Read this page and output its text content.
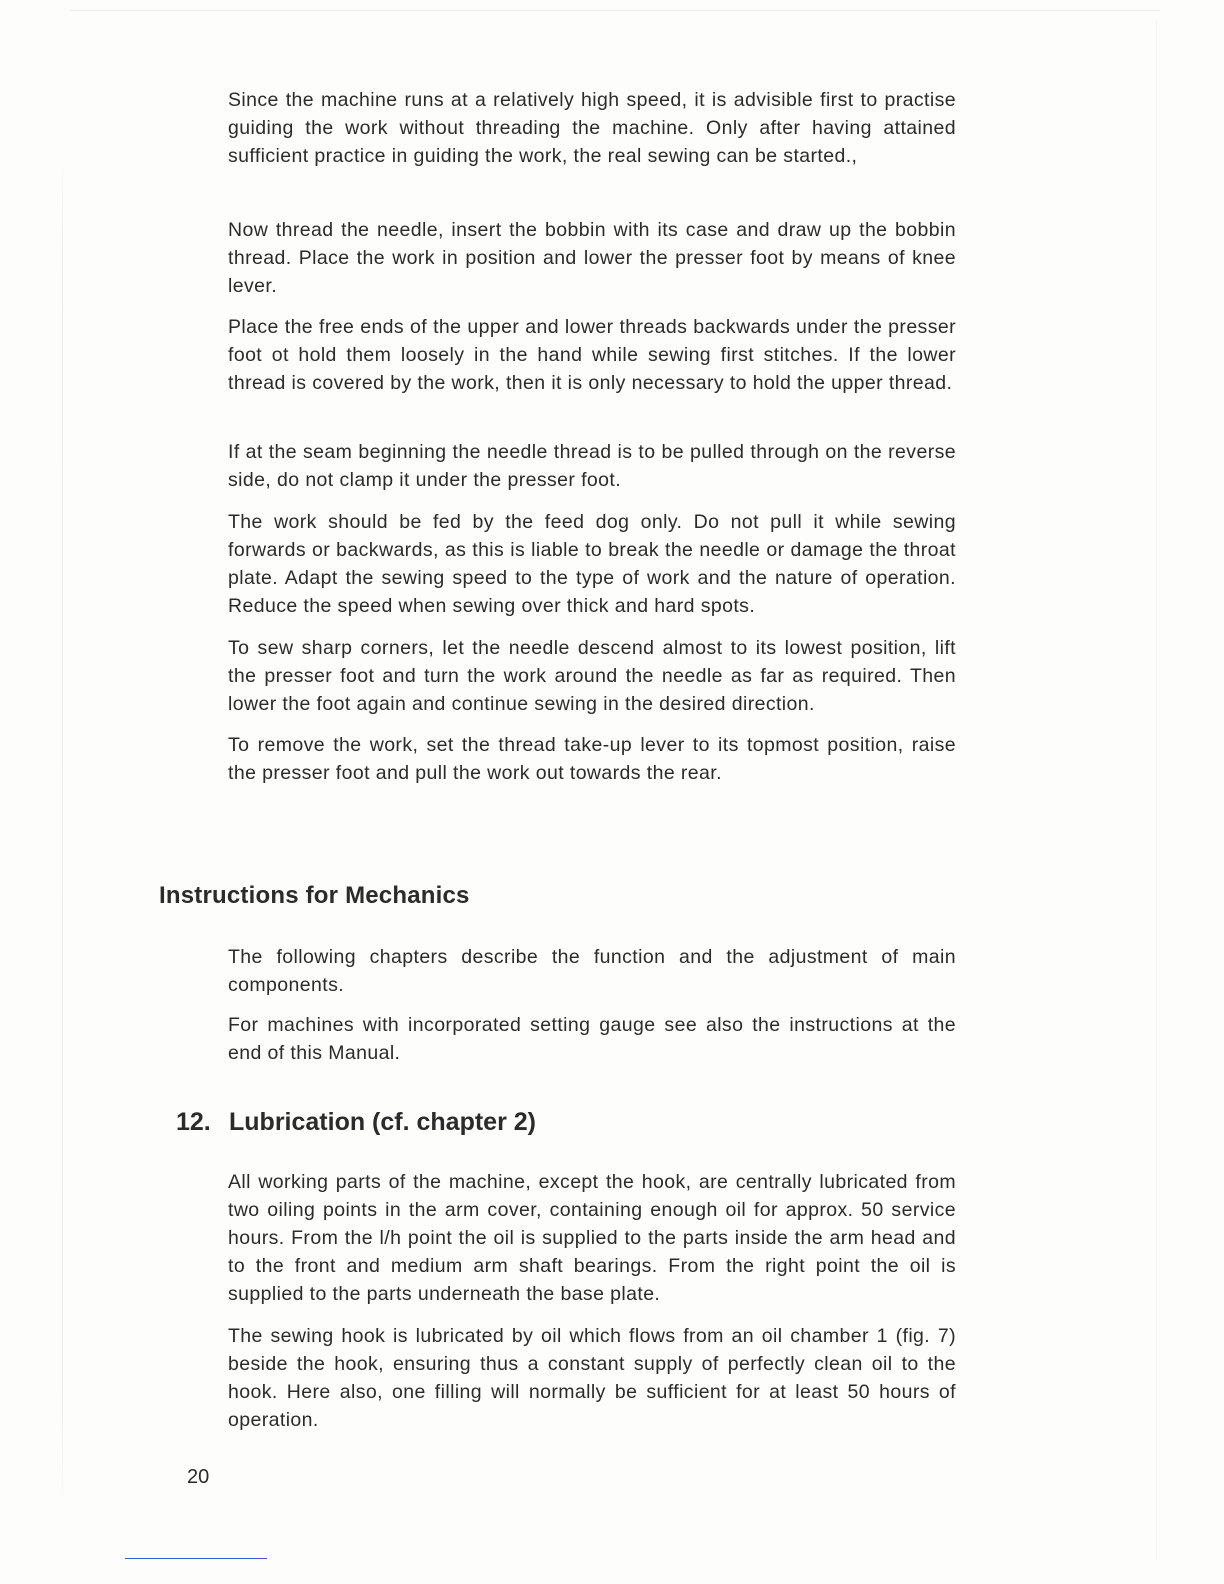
Since the machine runs at a relatively high speed, it is advisible first to practise guiding the work without threading the machine. Only after having attained sufficient practice in guiding the work, the real sewing can be started.,

Now thread the needle, insert the bobbin with its case and draw up the bobbin thread. Place the work in position and lower the presser foot by means of knee lever.

Place the free ends of the upper and lower threads backwards under the presser foot ot hold them loosely in the hand while sewing first stitches. If the lower thread is covered by the work, then it is only necessary to hold the upper thread.

If at the seam beginning the needle thread is to be pulled through on the reverse side, do not clamp it under the presser foot.

The work should be fed by the feed dog only. Do not pull it while sewing forwards or backwards, as this is liable to break the needle or damage the throat plate. Adapt the sewing speed to the type of work and the nature of operation. Reduce the speed when sewing over thick and hard spots.

To sew sharp corners, let the needle descend almost to its lowest position, lift the presser foot and turn the work around the needle as far as required. Then lower the foot again and continue sewing in the desired direction.

To remove the work, set the thread take-up lever to its topmost position, raise the presser foot and pull the work out towards the rear.

Instructions for Mechanics

The following chapters describe the function and the adjustment of main components.

For machines with incorporated setting gauge see also the instructions at the end of this Manual.

12. Lubrication (cf. chapter 2)

All working parts of the machine, except the hook, are centrally lubricated from two oiling points in the arm cover, containing enough oil for approx. 50 service hours. From the l/h point the oil is supplied to the parts inside the arm head and to the front and medium arm shaft bearings. From the right point the oil is supplied to the parts underneath the base plate.

The sewing hook is lubricated by oil which flows from an oil chamber 1 (fig. 7) beside the hook, ensuring thus a constant supply of perfectly clean oil to the hook. Here also, one filling will normally be sufficient for at least 50 hours of operation.

20
